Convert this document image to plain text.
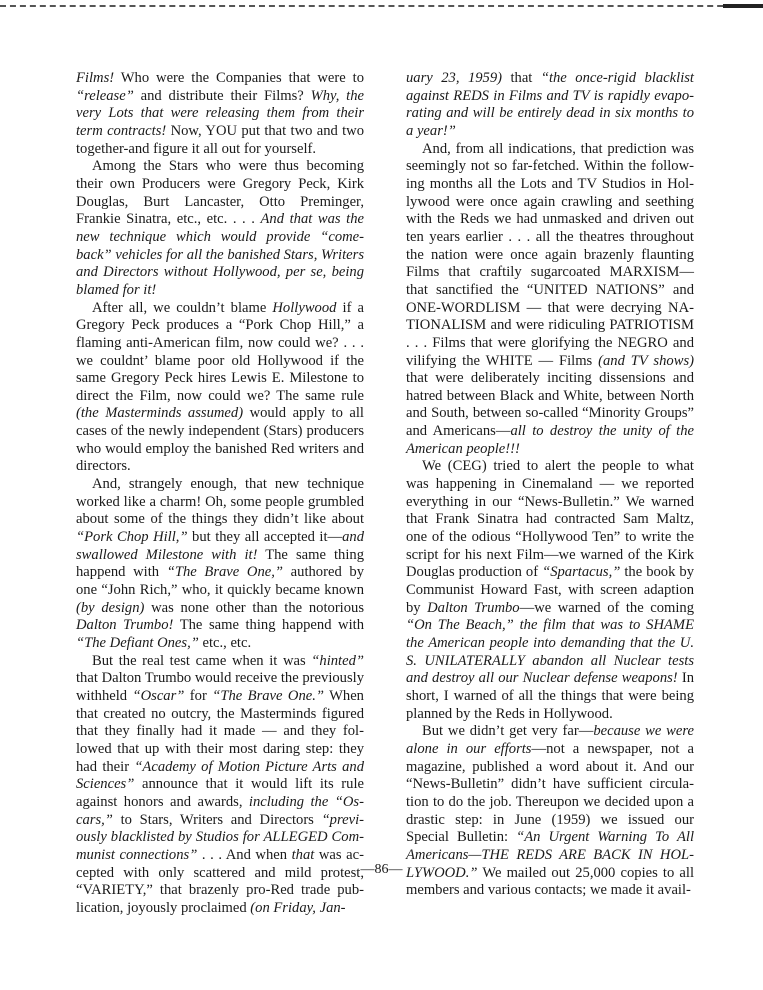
Films! Who were the Companies that were to “release” and distribute their Films? Why, the very Lots that were releasing them from their term contracts! Now, YOU put that two and two together-and figure it all out for yourself.

Among the Stars who were thus becoming their own Producers were Gregory Peck, Kirk Douglas, Burt Lancaster, Otto Preminger, Frankie Sinatra, etc., etc. . . . And that was the new technique which would provide “come-back” vehicles for all the banished Stars, Writers and Directors without Hollywood, per se, being blamed for it!

After all, we couldn’t blame Hollywood if a Gregory Peck produces a “Pork Chop Hill,” a flaming anti-American film, now could we? . . . we couldnt’ blame poor old Hollywood if the same Gregory Peck hires Lewis E. Milestone to direct the Film, now could we? The same rule (the Masterminds assumed) would apply to all cases of the newly independent (Stars) producers who would employ the banished Red writers and directors.

And, strangely enough, that new technique worked like a charm! Oh, some people grumbled about some of the things they didn’t like about “Pork Chop Hill,” but they all accepted it—and swallowed Milestone with it! The same thing happend with “The Brave One,” authored by one “John Rich,” who, it quickly became known (by design) was none other than the notorious Dalton Trumbo! The same thing happend with “The Defiant Ones,” etc., etc.

But the real test came when it was “hinted” that Dalton Trumbo would receive the previously withheld “Oscar” for “The Brave One.” When that created no outcry, the Masterminds figured that they finally had it made — and they followed that up with their most daring step: they had their “Academy of Motion Picture Arts and Sciences” announce that it would lift its rule against honors and awards, including the “Oscars,” to Stars, Writers and Directors “previously blacklisted by Studios for ALLEGED Communist connections” . . . And when that was accepted with only scattered and mild protest, “VARIETY,” that brazenly pro-Red trade publication, joyously proclaimed (on Friday, Jan-

uary 23, 1959) that “the once-rigid blacklist against REDS in Films and TV is rapidly evaporating and will be entirely dead in six months to a year!”

And, from all indications, that prediction was seemingly not so far-fetched. Within the following months all the Lots and TV Studios in Hollywood were once again crawling and seething with the Reds we had unmasked and driven out ten years earlier . . . all the theatres throughout the nation were once again brazenly flaunting Films that craftily sugarcoated MARXISM— that sanctified the “UNITED NATIONS” and ONE-WORDLISM — that were decrying NATIONALISM and were ridiculing PATRIOTISM . . . Films that were glorifying the NEGRO and vilifying the WHITE — Films (and TV shows) that were deliberately inciting dissensions and hatred between Black and White, between North and South, between so-called “Minority Groups” and Americans—all to destroy the unity of the American people!!!

We (CEG) tried to alert the people to what was happening in Cinemaland — we reported everything in our “News-Bulletin.” We warned that Frank Sinatra had contracted Sam Maltz, one of the odious “Hollywood Ten” to write the script for his next Film—we warned of the Kirk Douglas production of “Spartacus,” the book by Communist Howard Fast, with screen adaption by Dalton Trumbo—we warned of the coming “On The Beach,” the film that was to SHAME the American people into demanding that the U. S. UNILATERALLY abandon all Nuclear tests and destroy all our Nuclear defense weapons! In short, I warned of all the things that were being planned by the Reds in Hollywood.

But we didn’t get very far—because we were alone in our efforts—not a newspaper, not a magazine, published a word about it. And our “News-Bulletin” didn’t have sufficient circulation to do the job. Thereupon we decided upon a drastic step: in June (1959) we issued our Special Bulletin: “An Urgent Warning To All Americans—THE REDS ARE BACK IN HOLLYWOOD.” We mailed out 25,000 copies to all members and various contacts; we made it avail-

—86—
